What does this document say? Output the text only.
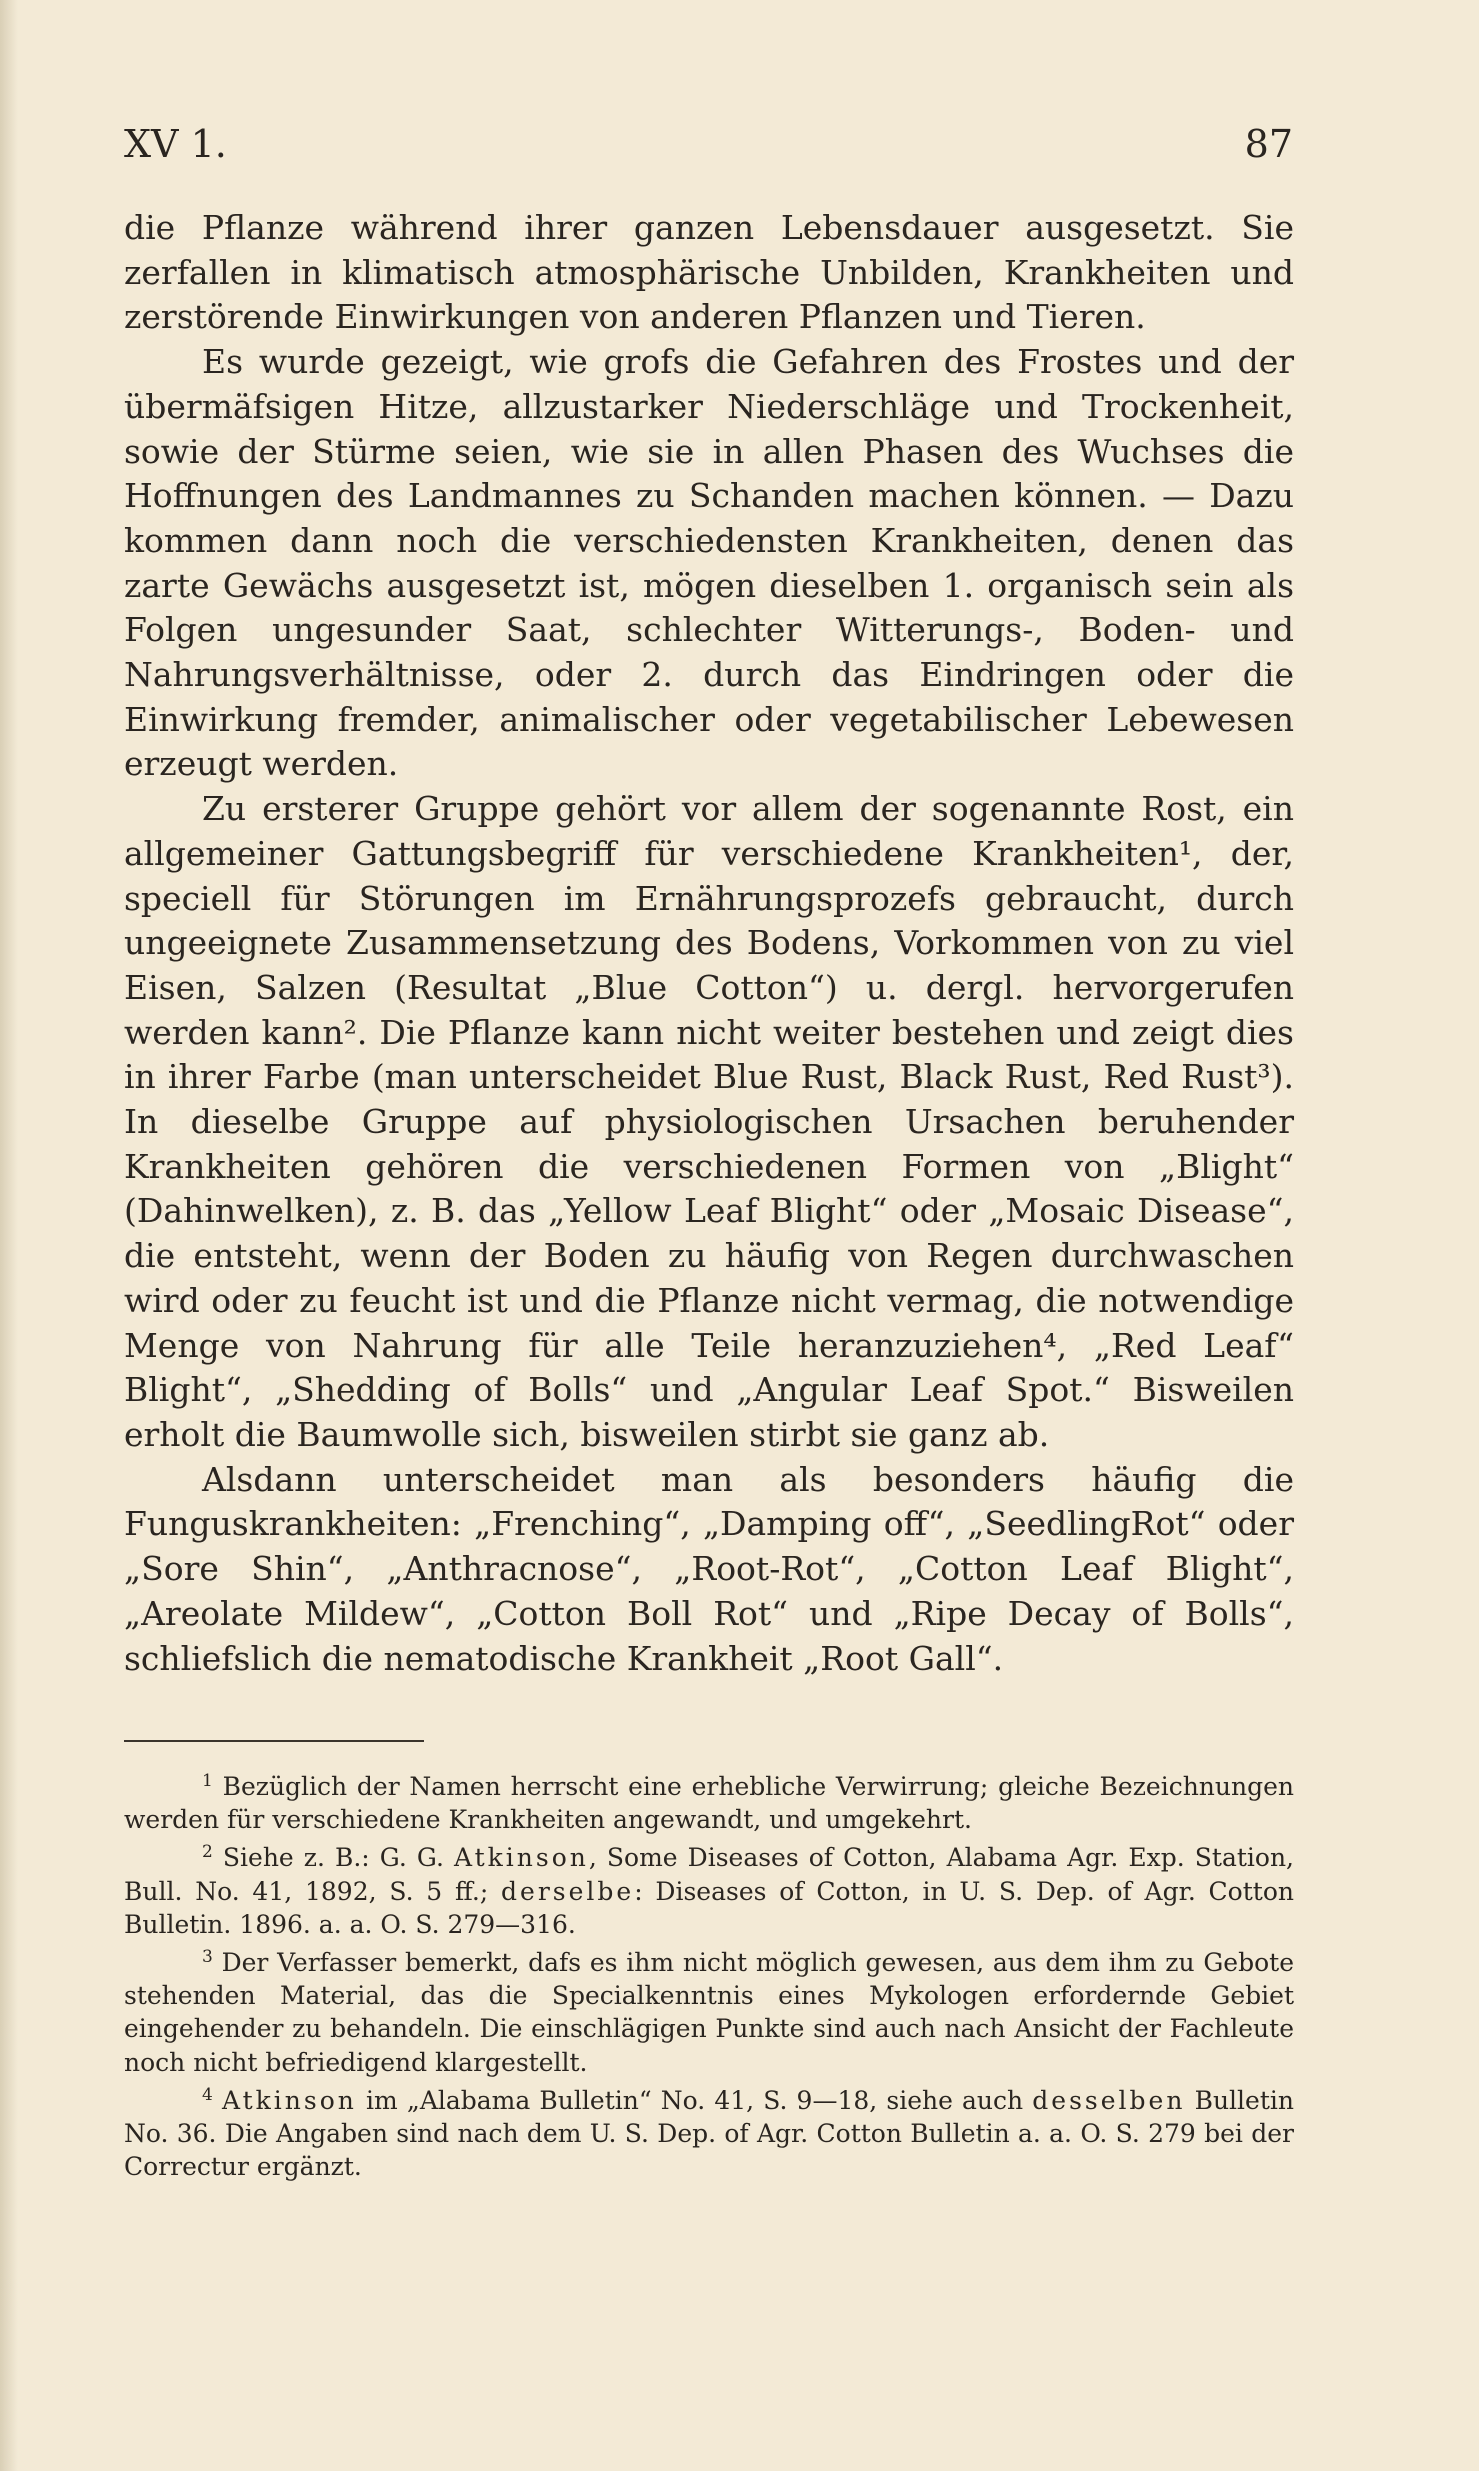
XV 1.	87

die Pflanze während ihrer ganzen Lebensdauer ausgesetzt. Sie zerfallen in klimatisch atmosphärische Unbilden, Krankheiten und zerstörende Einwirkungen von anderen Pflanzen und Tieren.

Es wurde gezeigt, wie grofs die Gefahren des Frostes und der übermäfsigen Hitze, allzustarker Niederschläge und Trockenheit, sowie der Stürme seien, wie sie in allen Phasen des Wuchses die Hoffnungen des Landmannes zu Schanden machen können. — Dazu kommen dann noch die verschiedensten Krankheiten, denen das zarte Gewächs ausgesetzt ist, mögen dieselben 1. organisch sein als Folgen ungesunder Saat, schlechter Witterungs-, Boden- und Nahrungsverhältnisse, oder 2. durch das Eindringen oder die Einwirkung fremder, animalischer oder vegetabilischer Lebewesen erzeugt werden.

Zu ersterer Gruppe gehört vor allem der sogenannte Rost, ein allgemeiner Gattungsbegriff für verschiedene Krankheiten¹, der, speciell für Störungen im Ernährungsprozefs gebraucht, durch ungeeignete Zusammensetzung des Bodens, Vorkommen von zu viel Eisen, Salzen (Resultat „Blue Cotton“) u. dergl. hervorgerufen werden kann². Die Pflanze kann nicht weiter bestehen und zeigt dies in ihrer Farbe (man unterscheidet Blue Rust, Black Rust, Red Rust³). In dieselbe Gruppe auf physiologischen Ursachen beruhender Krankheiten gehören die verschiedenen Formen von „Blight“ (Dahinwelken), z. B. das „Yellow Leaf Blight“ oder „Mosaic Disease“, die entsteht, wenn der Boden zu häufig von Regen durchwaschen wird oder zu feucht ist und die Pflanze nicht vermag, die notwendige Menge von Nahrung für alle Teile heranzuziehen⁴, „Red Leaf“ Blight“, „Shedding of Bolls“ und „Angular Leaf Spot.“ Bisweilen erholt die Baumwolle sich, bisweilen stirbt sie ganz ab.

Alsdann unterscheidet man als besonders häufig die Funguskrankheiten: „Frenching“, „Damping off“, „SeedlingRot“ oder „Sore Shin“, „Anthracnose“, „Root-Rot“, „Cotton Leaf Blight“, „Areolate Mildew“, „Cotton Boll Rot“ und „Ripe Decay of Bolls“, schliefslich die nematodische Krankheit „Root Gall“.

$^1$ Bezüglich der Namen herrscht eine erhebliche Verwirrung; gleiche Bezeichnungen werden für verschiedene Krankheiten angewandt, und umgekehrt.

$^2$ Siehe z. B.: G. G. Atkinson, Some Diseases of Cotton, Alabama Agr. Exp. Station, Bull. No. 41, 1892, S. 5 ff.; derselbe: Diseases of Cotton, in U. S. Dep. of Agr. Cotton Bulletin. 1896. a. a. O. S. 279—316.

$^3$ Der Verfasser bemerkt, dafs es ihm nicht möglich gewesen, aus dem ihm zu Gebote stehenden Material, das die Specialkenntnis eines Mykologen erfordernde Gebiet eingehender zu behandeln. Die einschlägigen Punkte sind auch nach Ansicht der Fachleute noch nicht befriedigend klargestellt.

$^4$ Atkinson im „Alabama Bulletin“ No. 41, S. 9—18, siehe auch desselben Bulletin No. 36. Die Angaben sind nach dem U. S. Dep. of Agr. Cotton Bulletin a. a. O. S. 279 bei der Correctur ergänzt.
